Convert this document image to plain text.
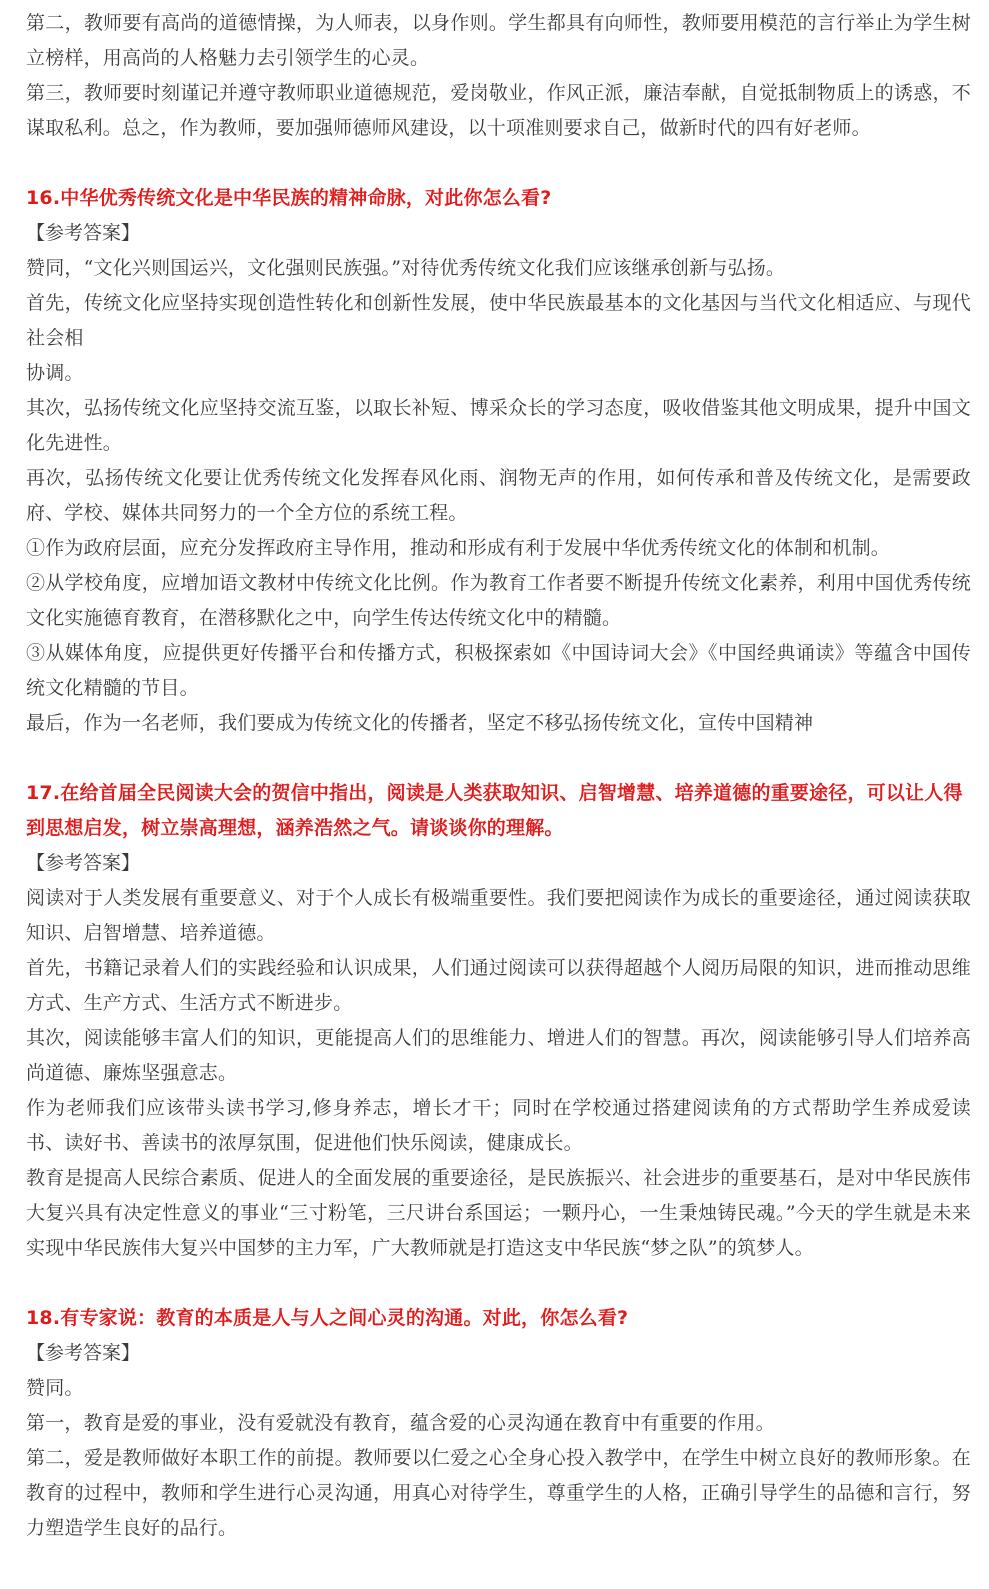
第二，教师要有高尚的道德情操，为人师表，以身作则。学生都具有向师性，教师要用模范的言行举止为学生树立榜样，用高尚的人格魅力去引领学生的心灵。

第三，教师要时刻谨记并遵守教师职业道德规范，爱岗敬业，作风正派，廉洁奉献，自觉抵制物质上的诱惑，不谋取私利。总之，作为教师，要加强师德师风建设，以十项准则要求自己，做新时代的四有好老师。

16.中华优秀传统文化是中华民族的精神命脉，对此你怎么看?

【参考答案】

赞同，“文化兴则国运兴，文化强则民族强。”对待优秀传统文化我们应该继承创新与弘扬。

首先，传统文化应坚持实现创造性转化和创新性发展，使中华民族最基本的文化基因与当代文化相适应、与现代社会相

协调。

其次，弘扬传统文化应坚持交流互鉴，以取长补短、博采众长的学习态度，吸收借鉴其他文明成果，提升中国文化先进性。

再次，弘扬传统文化要让优秀传统文化发挥春风化雨、润物无声的作用，如何传承和普及传统文化，是需要政府、学校、媒体共同努力的一个全方位的系统工程。

①作为政府层面，应充分发挥政府主导作用，推动和形成有利于发展中华优秀传统文化的体制和机制。

②从学校角度，应增加语文教材中传统文化比例。作为教育工作者要不断提升传统文化素养，利用中国优秀传统文化实施德育教育，在潜移默化之中，向学生传达传统文化中的精髓。

③从媒体角度，应提供更好传播平台和传播方式，积极探索如《中国诗词大会》《中国经典诵读》等蕴含中国传统文化精髓的节目。

最后，作为一名老师，我们要成为传统文化的传播者，坚定不移弘扬传统文化，宣传中国精神

17.在给首届全民阅读大会的贺信中指出，阅读是人类获取知识、启智增慧、培养道德的重要途径，可以让人得到思想启发，树立崇高理想，涵养浩然之气。请谈谈你的理解。

【参考答案】

阅读对于人类发展有重要意义、对于个人成长有极端重要性。我们要把阅读作为成长的重要途径，通过阅读获取知识、启智增慧、培养道德。

首先，书籍记录着人们的实践经验和认识成果，人们通过阅读可以获得超越个人阅历局限的知识，进而推动思维方式、生产方式、生活方式不断进步。

其次，阅读能够丰富人们的知识，更能提高人们的思维能力、增进人们的智慧。再次，阅读能够引导人们培养高尚道德、廉炼坚强意志。

作为老师我们应该带头读书学习,修身养志，增长才干；同时在学校通过搭建阅读角的方式帮助学生养成爱读书、读好书、善读书的浓厚氛围，促进他们快乐阅读，健康成长。

教育是提高人民综合素质、促进人的全面发展的重要途径，是民族振兴、社会进步的重要基石，是对中华民族伟大复兴具有决定性意义的事业“三寸粉笔，三尺讲台系国运；一颗丹心，一生秉烛铸民魂。”今天的学生就是未来实现中华民族伟大复兴中国梦的主力军，广大教师就是打造这支中华民族“梦之队”的筑梦人。

18.有专家说：教育的本质是人与人之间心灵的沟通。对此，你怎么看?

【参考答案】

赞同。

第一，教育是爱的事业，没有爱就没有教育，蕴含爱的心灵沟通在教育中有重要的作用。

第二，爱是教师做好本职工作的前提。教师要以仁爱之心全身心投入教学中，在学生中树立良好的教师形象。在教育的过程中，教师和学生进行心灵沟通，用真心对待学生，尊重学生的人格，正确引导学生的品德和言行，努力塑造学生良好的品行。
